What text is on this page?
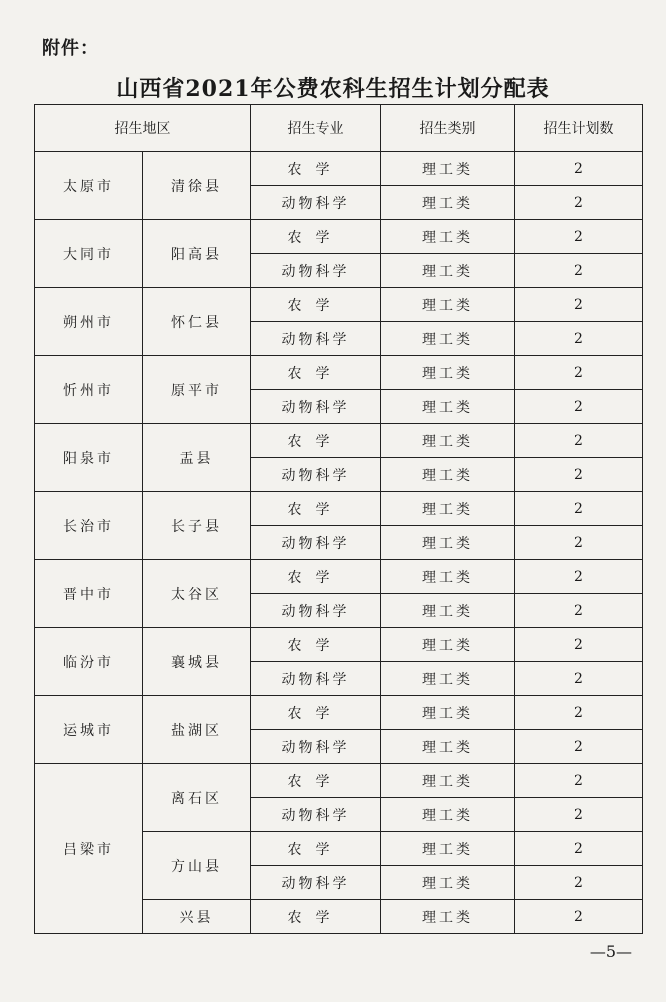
附件：
山西省2021年公费农科生招生计划分配表
招生地区		招生专业	招生类别	招生计划数
太原市	清徐县	农学	理工类	2
		动物科学	理工类	2
大同市	阳高县	农学	理工类	2
		动物科学	理工类	2
朔州市	怀仁县	农学	理工类	2
		动物科学	理工类	2
忻州市	原平市	农学	理工类	2
		动物科学	理工类	2
阳泉市	盂县	农学	理工类	2
		动物科学	理工类	2
长治市	长子县	农学	理工类	2
		动物科学	理工类	2
晋中市	太谷区	农学	理工类	2
		动物科学	理工类	2
临汾市	襄城县	农学	理工类	2
		动物科学	理工类	2
运城市	盐湖区	农学	理工类	2
		动物科学	理工类	2
吕梁市	离石区	农学	理工类	2
		动物科学	理工类	2
	方山县	农学	理工类	2
		动物科学	理工类	2
	兴县	农学	理工类	2
—5—
